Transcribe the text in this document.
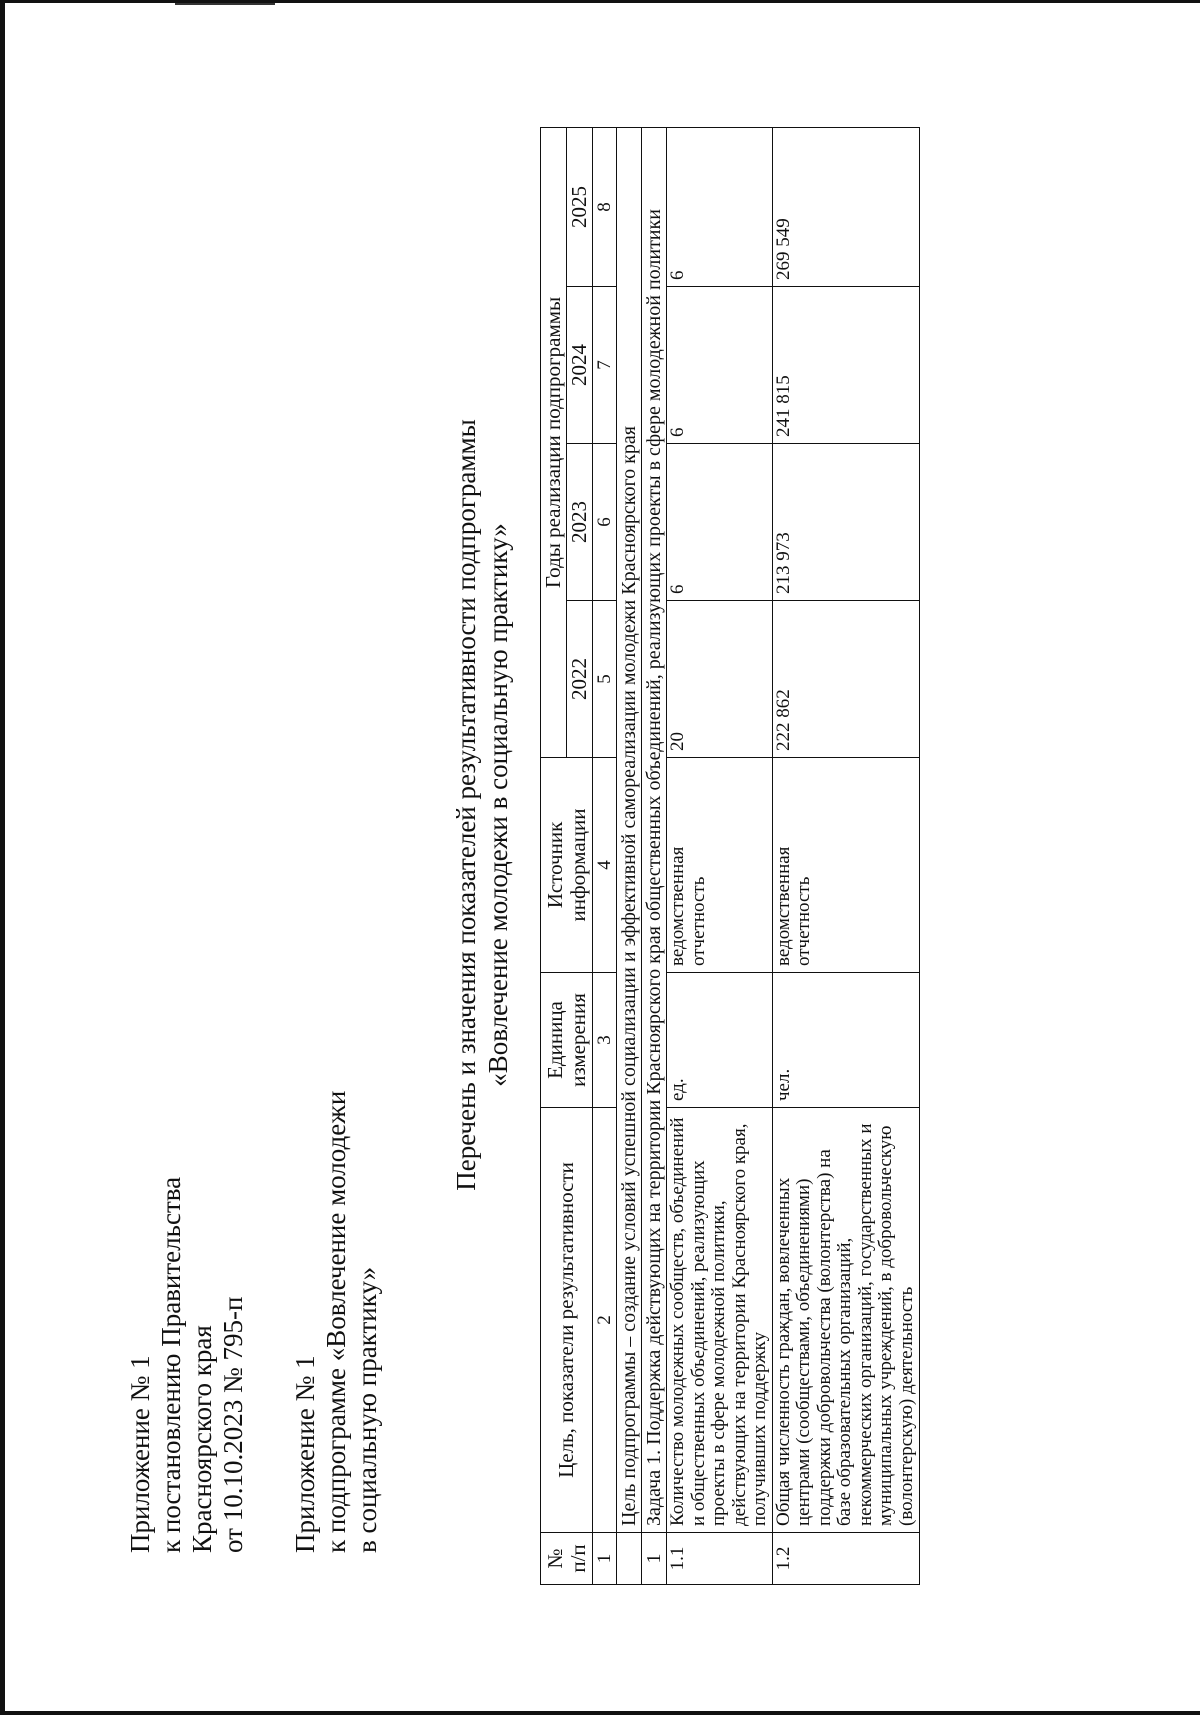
Приложение № 1 к постановлению Правительства Красноярского края от 10.10.2023 № 795-п Приложение № 1 к подпрограмме «Вовлечение молодежи в социальную практику»
Перечень и значения показателей результативности подпрограммы «Вовлечение молодежи в социальную практику»
№ п/п	Цель, показатели результативности	Единица измерения	Источник информации	Годы реализации подпрограммы			
				2022	2023	2024	2025
1	2	3	4	5	6	7	8
	Цель подпрограммы – создание условий успешной социализации и эффективной самореализации молодежи Красноярского края						
1	Задача 1. Поддержка действующих на территории Красноярского края общественных объединений, реализующих проекты в сфере молодежной политики						
1.1	Количество молодежных сообществ, объединений и общественных объединений, реализующих проекты в сфере молодежной политики, действующих на территории Красноярского края, получивших поддержку	ед.	ведомственная отчетность	20	6	6	6
1.2	Общая численность граждан, вовлеченных центрами (сообществами, объединениями) поддержки добровольчества (волонтерства) на базе образовательных организаций, некоммерческих организаций, государственных и муниципальных учреждений, в добровольческую (волонтерскую) деятельность	чел.	ведомственная отчетность	222 862	213 973	241 815	269 549
